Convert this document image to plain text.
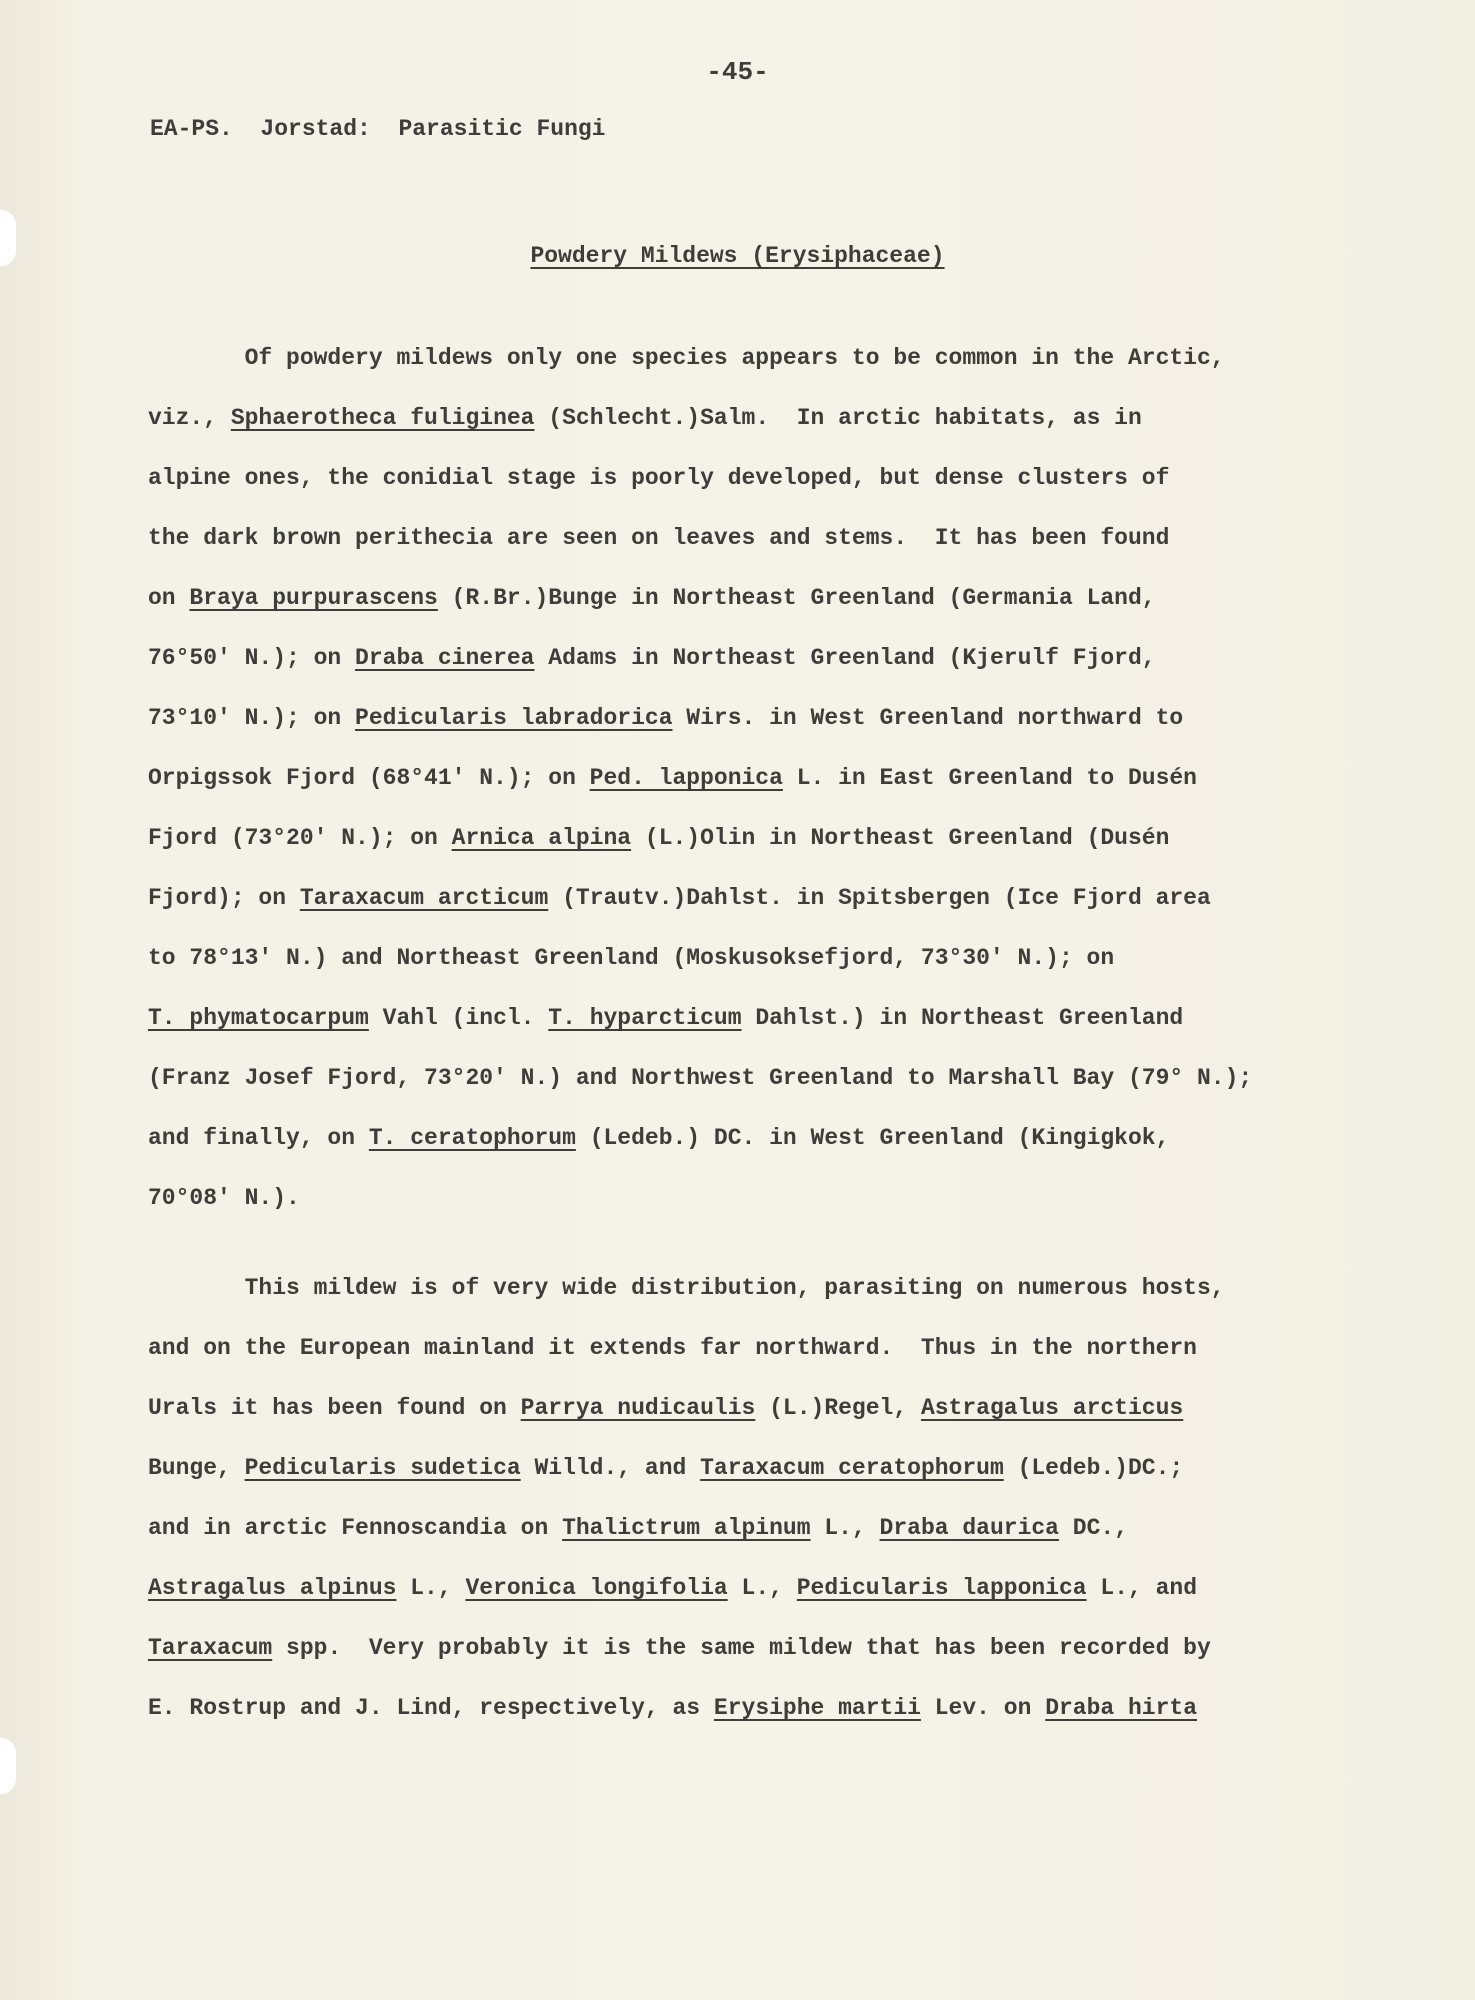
-45-
EA-PS.  Jorstad:  Parasitic Fungi
Powdery Mildews (Erysiphaceae)
Of powdery mildews only one species appears to be common in the Arctic,
viz., Sphaerotheca fuliginea (Schlecht.)Salm.  In arctic habitats, as in
alpine ones, the conidial stage is poorly developed, but dense clusters of
the dark brown perithecia are seen on leaves and stems.  It has been found
on Braya purpurascens (R.Br.)Bunge in Northeast Greenland (Germania Land,
76°50' N.); on Draba cinerea Adams in Northeast Greenland (Kjerulf Fjord,
73°10' N.); on Pedicularis labradorica Wirs. in West Greenland northward to
Orpigssok Fjord (68°41' N.); on Ped. lapponica L. in East Greenland to Dusén
Fjord (73°20' N.); on Arnica alpina (L.)Olin in Northeast Greenland (Dusén
Fjord); on Taraxacum arcticum (Trautv.)Dahlst. in Spitsbergen (Ice Fjord area
to 78°13' N.) and Northeast Greenland (Moskusoksefjord, 73°30' N.); on
T. phymatocarpum Vahl (incl. T. hyparcticum Dahlst.) in Northeast Greenland
(Franz Josef Fjord, 73°20' N.) and Northwest Greenland to Marshall Bay (79° N.);
and finally, on T. ceratophorum (Ledeb.) DC. in West Greenland (Kingigkok,
70°08' N.).
This mildew is of very wide distribution, parasiting on numerous hosts,
and on the European mainland it extends far northward.  Thus in the northern
Urals it has been found on Parrya nudicaulis (L.)Regel, Astragalus arcticus
Bunge, Pedicularis sudetica Willd., and Taraxacum ceratophorum (Ledeb.)DC.;
and in arctic Fennoscandia on Thalictrum alpinum L., Draba daurica DC.,
Astragalus alpinus L., Veronica longifolia L., Pedicularis lapponica L., and
Taraxacum spp.  Very probably it is the same mildew that has been recorded by
E. Rostrup and J. Lind, respectively, as Erysiphe martii Lev. on Draba hirta
